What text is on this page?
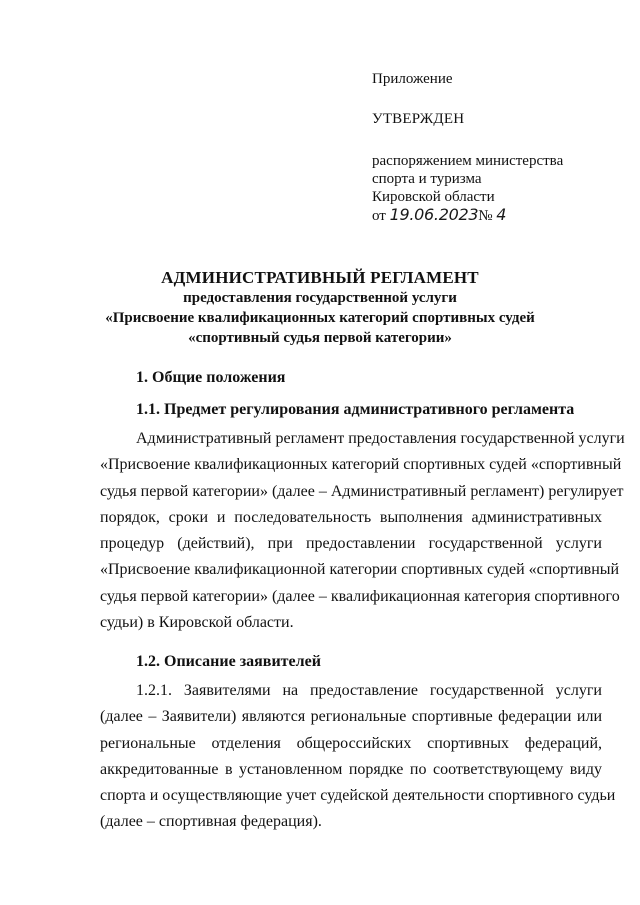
Приложение
УТВЕРЖДЕН
распоряжением министерства
спорта и туризма
Кировской области
от 19.06.2023№ 4
АДМИНИСТРАТИВНЫЙ РЕГЛАМЕНТ
предоставления государственной услуги
«Присвоение квалификационных категорий спортивных судей
«спортивный судья первой категории»
1. Общие положения
1.1. Предмет регулирования административного регламента
Административный регламент предоставления государственной услуги
«Присвоение квалификационных категорий спортивных судей «спортивный
судья первой категории» (далее – Административный регламент) регулирует
порядок, сроки и последовательность выполнения административных
процедур (действий), при предоставлении государственной услуги
«Присвоение квалификационной категории спортивных судей «спортивный
судья первой категории» (далее – квалификационная категория спортивного
судьи) в Кировской области.
1.2. Описание заявителей
1.2.1. Заявителями на предоставление государственной услуги
(далее – Заявители) являются региональные спортивные федерации или
региональные отделения общероссийских спортивных федераций,
аккредитованные в установленном порядке по соответствующему виду
спорта и осуществляющие учет судейской деятельности спортивного судьи
(далее – спортивная федерация).
